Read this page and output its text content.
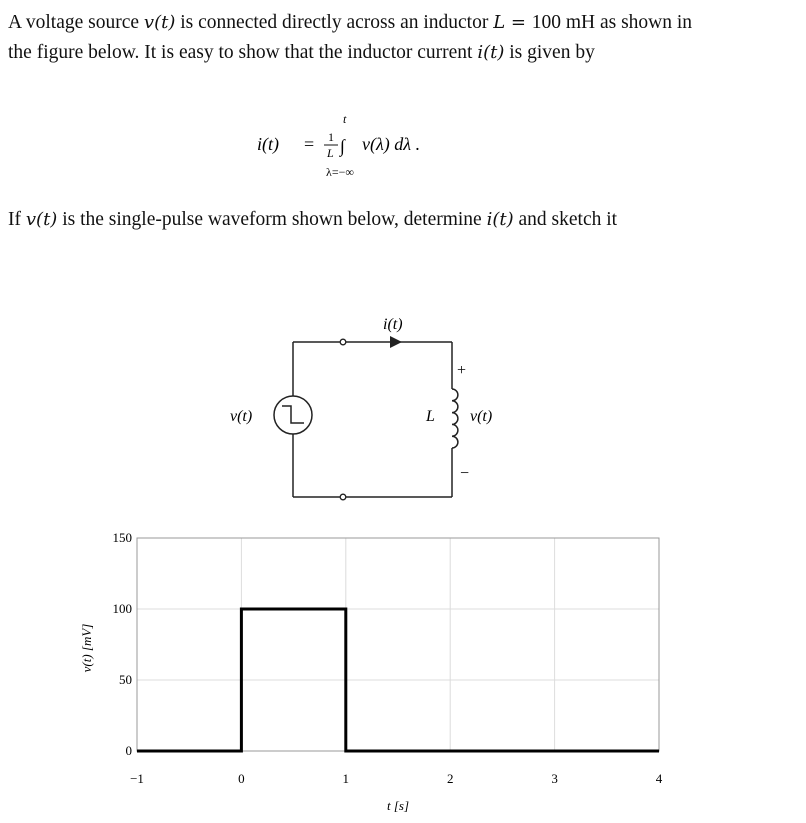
A voltage source v(t) is connected directly across an inductor L = 100 mH as shown in
the figure below. It is easy to show that the inductor current i(t) is given by

i(t) = 1
L
t
∫
λ=−∞
v(λ) dλ .

If v(t) is the single-pulse waveform shown below, determine i(t) and sketch it

i(t)
v(t)	L v(t)
+
−
−1	0	1	2	3	4
0
50
100
150
t [s]
v(t) [mV]
